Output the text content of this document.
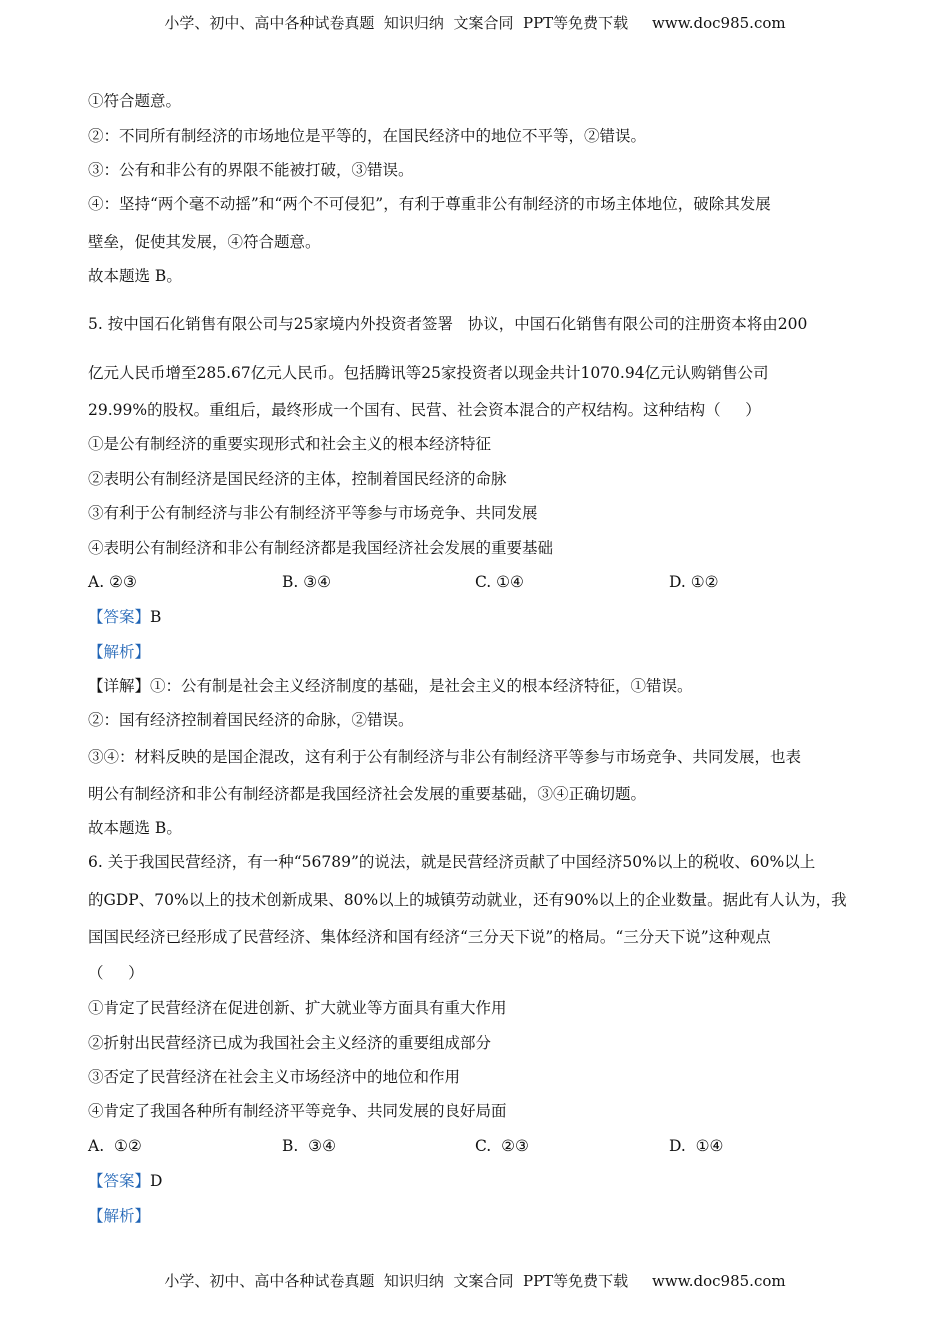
小学、初中、高中各种试卷真题  知识归纳  文案合同  PPT等免费下载     www.doc985.com
①符合题意。
②：不同所有制经济的市场地位是平等的，在国民经济中的地位不平等，②错误。
③：公有和非公有的界限不能被打破，③错误。
④：坚持“两个毫不动摇”和“两个不可侵犯”，有利于尊重非公有制经济的市场主体地位，破除其发展
壁垒，促使其发展，④符合题意。
故本题选 B。
5. 按中国石化销售有限公司与25家境内外投资者签署   协议，中国石化销售有限公司的注册资本将由200
亿元人民币增至285.67亿元人民币。包括腾讯等25家投资者以现金共计1070.94亿元认购销售公司
29.99%的股权。重组后，最终形成一个国有、民营、社会资本混合的产权结构。这种结构（     ）
①是公有制经济的重要实现形式和社会主义的根本经济特征
②表明公有制经济是国民经济的主体，控制着国民经济的命脉
③有利于公有制经济与非公有制经济平等参与市场竞争、共同发展
④表明公有制经济和非公有制经济都是我国经济社会发展的重要基础
A. ②③	B. ③④	C. ①④	D. ①②
【答案】B
【解析】
【详解】①：公有制是社会主义经济制度的基础，是社会主义的根本经济特征，①错误。
②：国有经济控制着国民经济的命脉，②错误。
③④：材料反映的是国企混改，这有利于公有制经济与非公有制经济平等参与市场竞争、共同发展，也表
明公有制经济和非公有制经济都是我国经济社会发展的重要基础，③④正确切题。
故本题选 B。
6. 关于我国民营经济，有一种“56789”的说法，就是民营经济贡献了中国经济50%以上的税收、60%以上
的GDP、70%以上的技术创新成果、80%以上的城镇劳动就业，还有90%以上的企业数量。据此有人认为，我
国国民经济已经形成了民营经济、集体经济和国有经济“三分天下说”的格局。“三分天下说”这种观点
（     ）
①肯定了民营经济在促进创新、扩大就业等方面具有重大作用
②折射出民营经济已成为我国社会主义经济的重要组成部分
③否定了民营经济在社会主义市场经济中的地位和作用
④肯定了我国各种所有制经济平等竞争、共同发展的良好局面
A.  ①②	B.  ③④	C.  ②③	D.  ①④
【答案】D
【解析】
小学、初中、高中各种试卷真题  知识归纳  文案合同  PPT等免费下载     www.doc985.com
